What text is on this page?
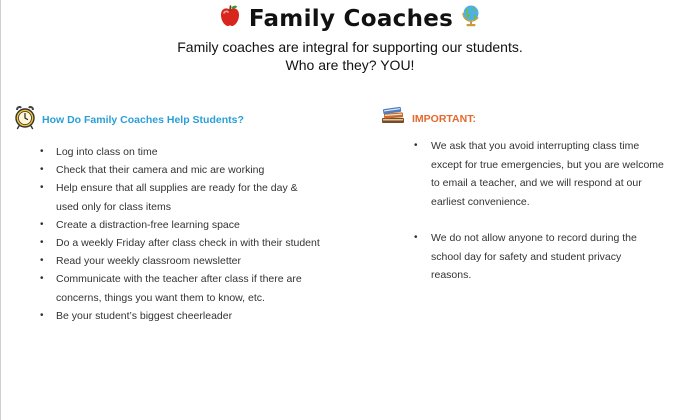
Family Coaches
Family coaches are integral for supporting our students.
Who are they? YOU!
How Do Family Coaches Help Students?
• Log into class on time
• Check that their camera and mic are working
• Help ensure that all supplies are ready for the day & used only for class items
• Create a distraction-free learning space
• Do a weekly Friday after class check in with their student
• Read your weekly classroom newsletter
• Communicate with the teacher after class if there are concerns, things you want them to know, etc.
• Be your student’s biggest cheerleader
IMPORTANT:
• We ask that you avoid interrupting class time except for true emergencies, but you are welcome to email a teacher, and we will respond at our earliest convenience.
• We do not allow anyone to record during the school day for safety and student privacy reasons.
